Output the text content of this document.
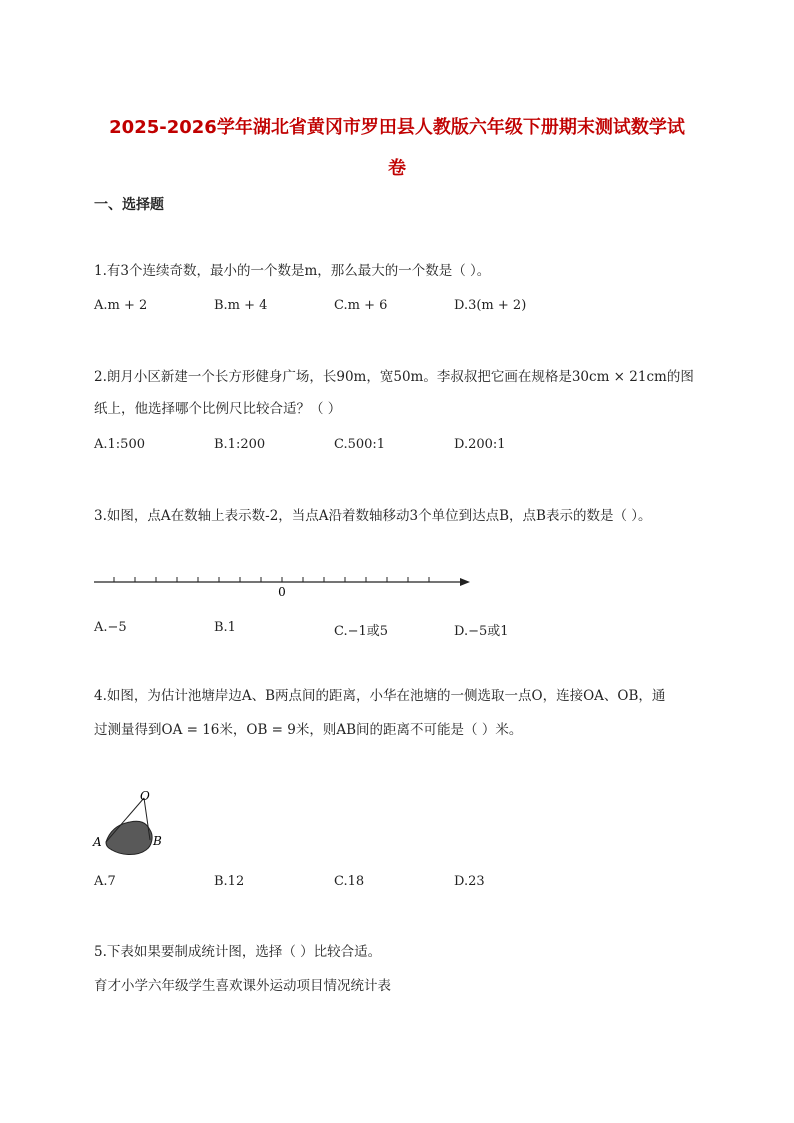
2025-2026学年湖北省黄冈市罗田县人教版六年级下册期末测试数学试
卷
一、选择题
1.有3个连续奇数，最小的一个数是m，那么最大的一个数是（ ）。
A.m + 2	B.m + 4	C.m + 6	D.3(m + 2)
2.朗月小区新建一个长方形健身广场，长90m，宽50m。李叔叔把它画在规格是30cm × 21cm的图
纸上，他选择哪个比例尺比较合适？（ ）
A.1:500	B.1:200	C.500:1	D.200:1
3.如图，点A在数轴上表示数-2，当点A沿着数轴移动3个单位到达点B，点B表示的数是（ ）。
0
A.−5	B.1	C.−1或5	D.−5或1
4.如图，为估计池塘岸边A、B两点间的距离，小华在池塘的一侧选取一点O，连接OA、OB，通
过测量得到OA = 16米，OB = 9米，则AB间的距离不可能是（ ）米。
O
A	B
A.7	B.12	C.18	D.23
5.下表如果要制成统计图，选择（ ）比较合适。
育才小学六年级学生喜欢课外运动项目情况统计表
